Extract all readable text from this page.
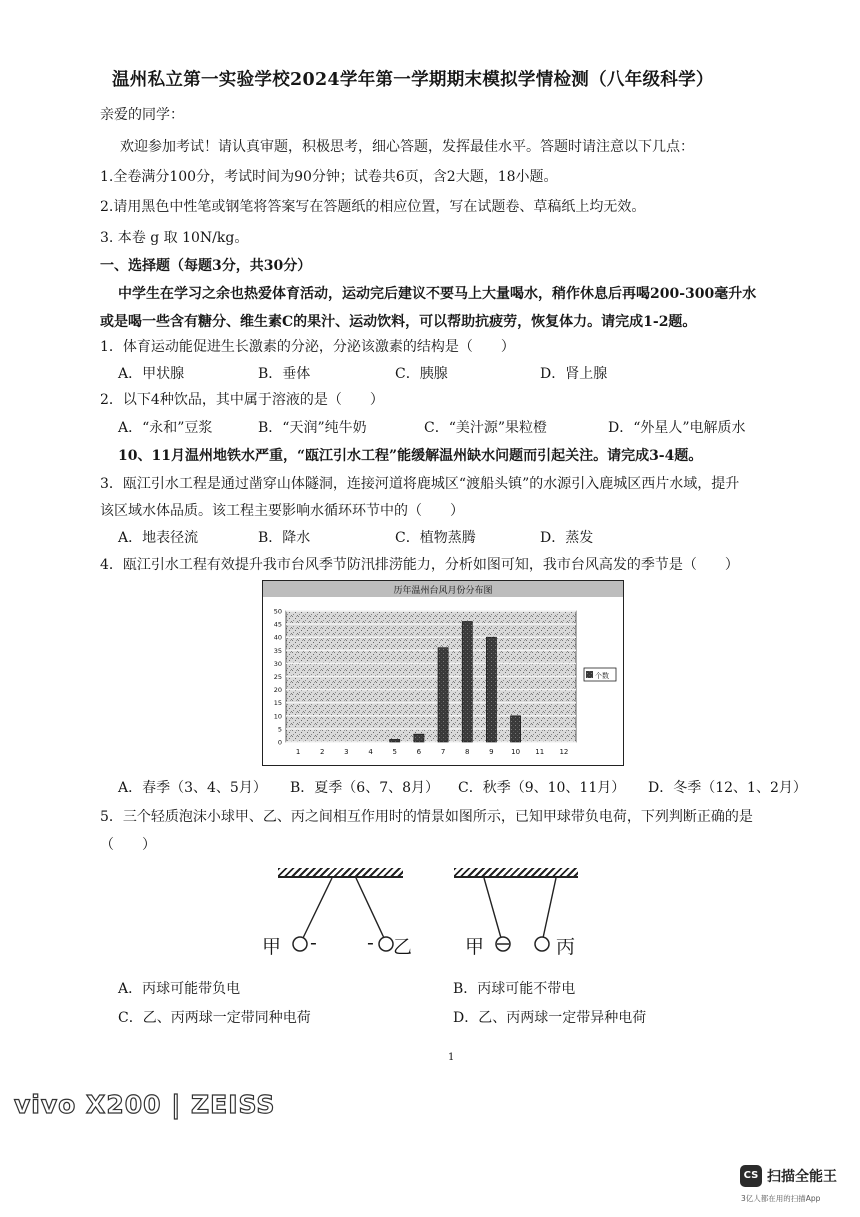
温州私立第一实验学校2024学年第一学期期末模拟学情检测（八年级科学）
亲爱的同学：
欢迎参加考试！请认真审题，积极思考，细心答题，发挥最佳水平。答题时请注意以下几点：
1.全卷满分100分，考试时间为90分钟；试卷共6页，含2大题，18小题。
2.请用黑色中性笔或钢笔将答案写在答题纸的相应位置，写在试题卷、草稿纸上均无效。
3. 本卷 g 取 10N/kg。
一、选择题（每题3分，共30分）
中学生在学习之余也热爱体育活动，运动完后建议不要马上大量喝水，稍作休息后再喝200-300毫升水
或是喝一些含有糖分、维生素C的果汁、运动饮料，可以帮助抗疲劳，恢复体力。请完成1-2题。
1．体育运动能促进生长激素的分泌，分泌该激素的结构是（　　）
A．甲状腺	B．垂体	C．胰腺	D．肾上腺
2．以下4种饮品，其中属于溶液的是（　　）
A．“永和”豆浆	B．“天润”纯牛奶	C．“美汁源”果粒橙	D．“外星人”电解质水
10、11月温州地铁水严重，“瓯江引水工程”能缓解温州缺水问题而引起关注。请完成3-4题。
3．瓯江引水工程是通过凿穿山体隧洞，连接河道将鹿城区“渡船头镇”的水源引入鹿城区西片水域，提升
该区域水体品质。该工程主要影响水循环环节中的（　　）
A．地表径流	B．降水	C．植物蒸腾	D．蒸发
4．瓯江引水工程有效提升我市台风季节防汛排涝能力，分析如图可知，我市台风高发的季节是（　　）
历年温州台风月份分布图
0
5
10
15
20
25
30
35
40
45
50
1	2	3	4	5	6	7	8	9 10 11 12
个数
A．春季（3、4、5月） B．夏季（6、7、8月） C．秋季（9、10、11月） D．冬季（12、1、2月）
5．三个轻质泡沫小球甲、乙、丙之间相互作用时的情景如图所示，已知甲球带负电荷，下列判断正确的是
（　　）
甲 -	- 乙	甲	丙
A．丙球可能带负电	B．丙球可能不带电
C．乙、丙两球一定带同种电荷	D．乙、丙两球一定带异种电荷
1
vivo X200 | ZEISS
CS 扫描全能王
3亿人都在用的扫描App
